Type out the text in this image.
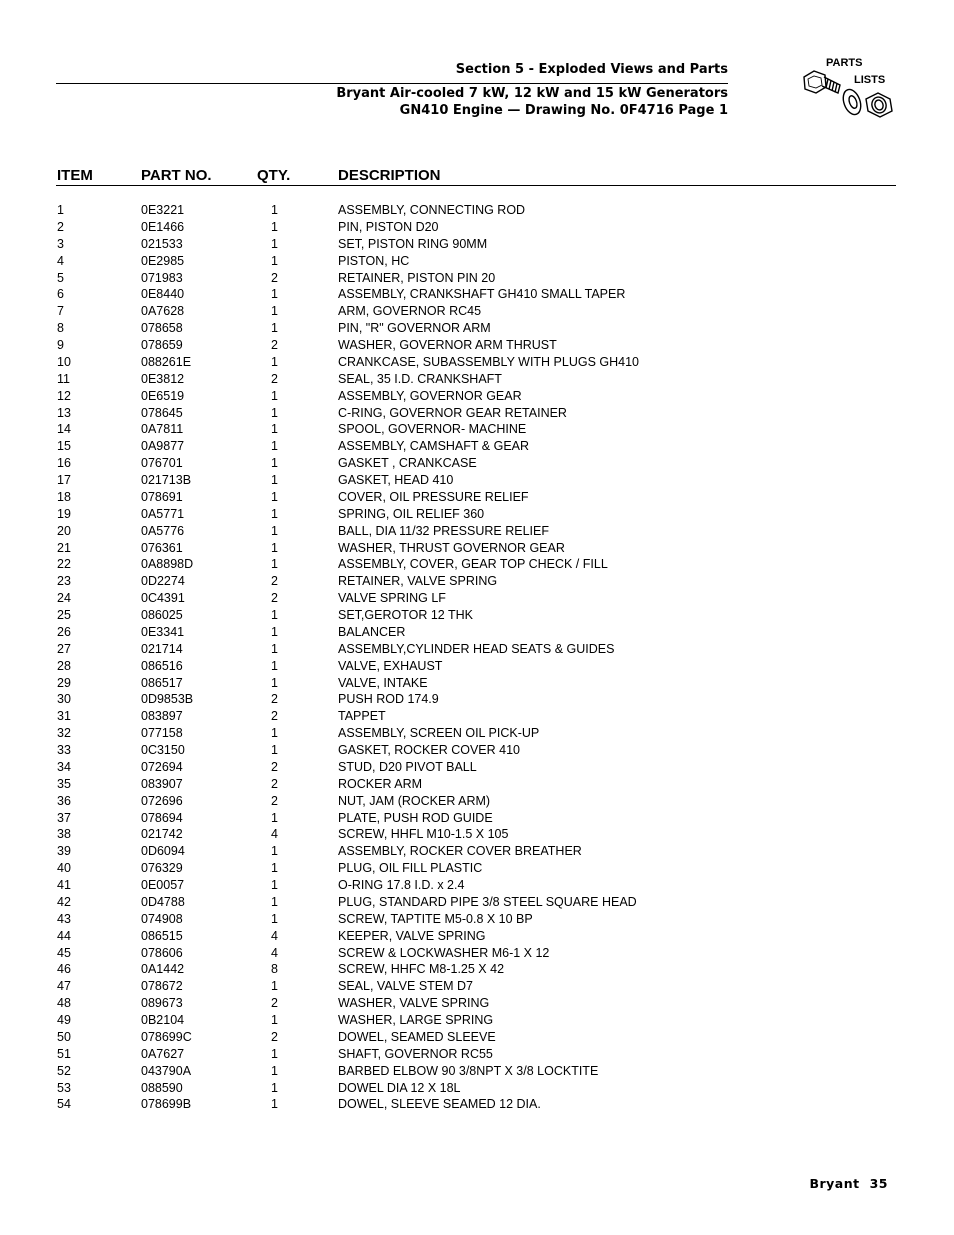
Section 5 - Exploded Views and Parts
Bryant Air-cooled 7 kW, 12 kW and 15 kW Generators
GN410 Engine — Drawing No. 0F4716 Page 1
PARTS
LISTS
ITEM	PART NO.	QTY.	DESCRIPTION
1	0E3221	1	ASSEMBLY, CONNECTING ROD
2	0E1466	1	PIN, PISTON D20
3	021533	1	SET, PISTON RING 90MM
4	0E2985	1	PISTON, HC
5	071983	2	RETAINER, PISTON PIN 20
6	0E8440	1	ASSEMBLY, CRANKSHAFT GH410 SMALL TAPER
7	0A7628	1	ARM, GOVERNOR RC45
8	078658	1	PIN, "R" GOVERNOR ARM
9	078659	2	WASHER, GOVERNOR ARM THRUST
10	088261E	1	CRANKCASE, SUBASSEMBLY WITH PLUGS GH410
11	0E3812	2	SEAL, 35 I.D. CRANKSHAFT
12	0E6519	1	ASSEMBLY, GOVERNOR GEAR
13	078645	1	C-RING, GOVERNOR GEAR RETAINER
14	0A7811	1	SPOOL, GOVERNOR- MACHINE
15	0A9877	1	ASSEMBLY, CAMSHAFT & GEAR
16	076701	1	GASKET , CRANKCASE
17	021713B	1	GASKET, HEAD 410
18	078691	1	COVER, OIL PRESSURE RELIEF
19	0A5771	1	SPRING, OIL RELIEF 360
20	0A5776	1	BALL, DIA 11/32 PRESSURE RELIEF
21	076361	1	WASHER, THRUST GOVERNOR GEAR
22	0A8898D	1	ASSEMBLY, COVER, GEAR TOP CHECK / FILL
23	0D2274	2	RETAINER, VALVE SPRING
24	0C4391	2	VALVE SPRING LF
25	086025	1	SET,GEROTOR 12 THK
26	0E3341	1	BALANCER
27	021714	1	ASSEMBLY,CYLINDER HEAD SEATS & GUIDES
28	086516	1	VALVE, EXHAUST
29	086517	1	VALVE, INTAKE
30	0D9853B	2	PUSH ROD 174.9
31	083897	2	TAPPET
32	077158	1	ASSEMBLY, SCREEN OIL PICK-UP
33	0C3150	1	GASKET, ROCKER COVER 410
34	072694	2	STUD, D20 PIVOT BALL
35	083907	2	ROCKER ARM
36	072696	2	NUT, JAM (ROCKER ARM)
37	078694	1	PLATE, PUSH ROD GUIDE
38	021742	4	SCREW, HHFL M10-1.5 X 105
39	0D6094	1	ASSEMBLY, ROCKER COVER BREATHER
40	076329	1	PLUG, OIL FILL PLASTIC
41	0E0057	1	O-RING 17.8 I.D. x 2.4
42	0D4788	1	PLUG, STANDARD PIPE 3/8 STEEL SQUARE HEAD
43	074908	1	SCREW, TAPTITE M5-0.8 X 10 BP
44	086515	4	KEEPER, VALVE SPRING
45	078606	4	SCREW & LOCKWASHER M6-1 X 12
46	0A1442	8	SCREW, HHFC M8-1.25 X 42
47	078672	1	SEAL, VALVE STEM D7
48	089673	2	WASHER, VALVE SPRING
49	0B2104	1	WASHER, LARGE SPRING
50	078699C	2	DOWEL, SEAMED SLEEVE
51	0A7627	1	SHAFT, GOVERNOR RC55
52	043790A	1	BARBED ELBOW 90 3/8NPT X 3/8 LOCKTITE
53	088590	1	DOWEL DIA 12 X 18L
54	078699B	1	DOWEL, SLEEVE SEAMED 12 DIA.
Bryant 35
